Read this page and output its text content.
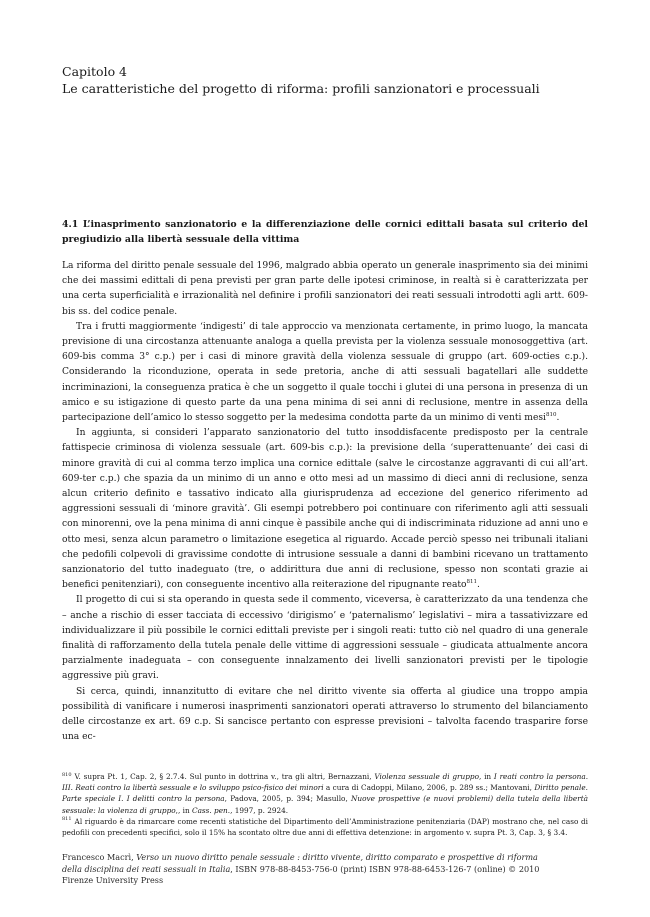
Capitolo 4
Le caratteristiche del progetto di riforma: profili sanzionatori e processuali
4.1 L’inasprimento sanzionatorio e la differenziazione delle cornici edittali basata sul criterio del pregiudizio alla libertà sessuale della vittima

La riforma del diritto penale sessuale del 1996, malgrado abbia operato un generale inasprimento sia dei minimi che dei massimi edittali di pena previsti per gran parte delle ipotesi criminose, in realtà si è caratterizzata per una certa superficialità e irrazionalità nel definire i profili sanzionatori dei reati sessuali introdotti agli artt. 609-bis ss. del codice penale.

Tra i frutti maggiormente ‘indigesti’ di tale approccio va menzionata certamente, in primo luogo, la mancata previsione di una circostanza attenuante analoga a quella prevista per la violenza sessuale monosoggettiva (art. 609-bis comma 3° c.p.) per i casi di minore gravità della violenza sessuale di gruppo (art. 609-octies c.p.). Considerando la riconduzione, operata in sede pretoria, anche di atti sessuali bagatellari alle suddette incriminazioni, la conseguenza pratica è che un soggetto il quale tocchi i glutei di una persona in presenza di un amico e su istigazione di questo parte da una pena minima di sei anni di reclusione, mentre in assenza della partecipazione dell’amico lo stesso soggetto per la medesima condotta parte da un minimo di venti mesi$^{810}$.

In aggiunta, si consideri l’apparato sanzionatorio del tutto insoddisfacente predisposto per la centrale fattispecie criminosa di violenza sessuale (art. 609-bis c.p.): la previsione della ‘superattenuante’ dei casi di minore gravità di cui al comma terzo implica una cornice edittale (salve le circostanze aggravanti di cui all’art. 609-ter c.p.) che spazia da un minimo di un anno e otto mesi ad un massimo di dieci anni di reclusione, senza alcun criterio definito e tassativo indicato alla giurisprudenza ad eccezione del generico riferimento ad aggressioni sessuali di ‘minore gravità’. Gli esempi potrebbero poi continuare con riferimento agli atti sessuali con minorenni, ove la pena minima di anni cinque è passibile anche qui di indiscriminata riduzione ad anni uno e otto mesi, senza alcun parametro o limitazione esegetica al riguardo. Accade perciò spesso nei tribunali italiani che pedofili colpevoli di gravissime condotte di intrusione sessuale a danni di bambini ricevano un trattamento sanzionatorio del tutto inadeguato (tre, o addirittura due anni di reclusione, spesso non scontati grazie ai benefici penitenziari), con conseguente incentivo alla reiterazione del ripugnante reato$^{811}$.

Il progetto di cui si sta operando in questa sede il commento, viceversa, è caratterizzato da una tendenza che – anche a rischio di esser tacciata di eccessivo ‘dirigismo’ e ‘paternalismo’ legislativi – mira a tassativizzare ed individualizzare il più possibile le cornici edittali previste per i singoli reati: tutto ciò nel quadro di una generale finalità di rafforzamento della tutela penale delle vittime di aggressioni sessuale – giudicata attualmente ancora parzialmente inadeguata – con conseguente innalzamento dei livelli sanzionatori previsti per le tipologie aggressive più gravi.

Si cerca, quindi, innanzitutto di evitare che nel diritto vivente sia offerta al giudice una troppo ampia possibilità di vanificare i numerosi inasprimenti sanzionatori operati attraverso lo strumento del bilanciamento delle circostanze ex art. 69 c.p. Si sancisce pertanto con espresse previsioni – talvolta facendo trasparire forse una ec-

$^{810}$ V. supra Pt. 1, Cap. 2, § 2.7.4. Sul punto in dottrina v., tra gli altri, Bernazzani, Violenza sessuale di gruppo, in I reati contro la persona. III. Reati contro la libertà sessuale e lo sviluppo psico-fisico dei minori a cura di Cadoppi, Milano, 2006, p. 289 ss.; Mantovani, Diritto penale. Parte speciale I. I delitti contro la persona, Padova, 2005, p. 394; Masullo, Nuove prospettive (e nuovi problemi) della tutela della libertà sessuale: la violenza di gruppo,, in Cass. pen., 1997, p. 2924.

$^{811}$ Al riguardo è da rimarcare come recenti statistiche del Dipartimento dell’Amministrazione penitenziaria (DAP) mostrano che, nel caso di pedofili con precedenti specifici, solo il 15% ha scontato oltre due anni di effettiva detenzione: in argomento v. supra Pt. 3, Cap. 3, § 3.4.

Francesco Macrì, Verso un nuovo diritto penale sessuale : diritto vivente, diritto comparato e prospettive di riforma
della disciplina dei reati sessuali in Italia, ISBN 978-88-8453-756-0 (print) ISBN 978-88-6453-126-7 (online) © 2010
Firenze University Press
